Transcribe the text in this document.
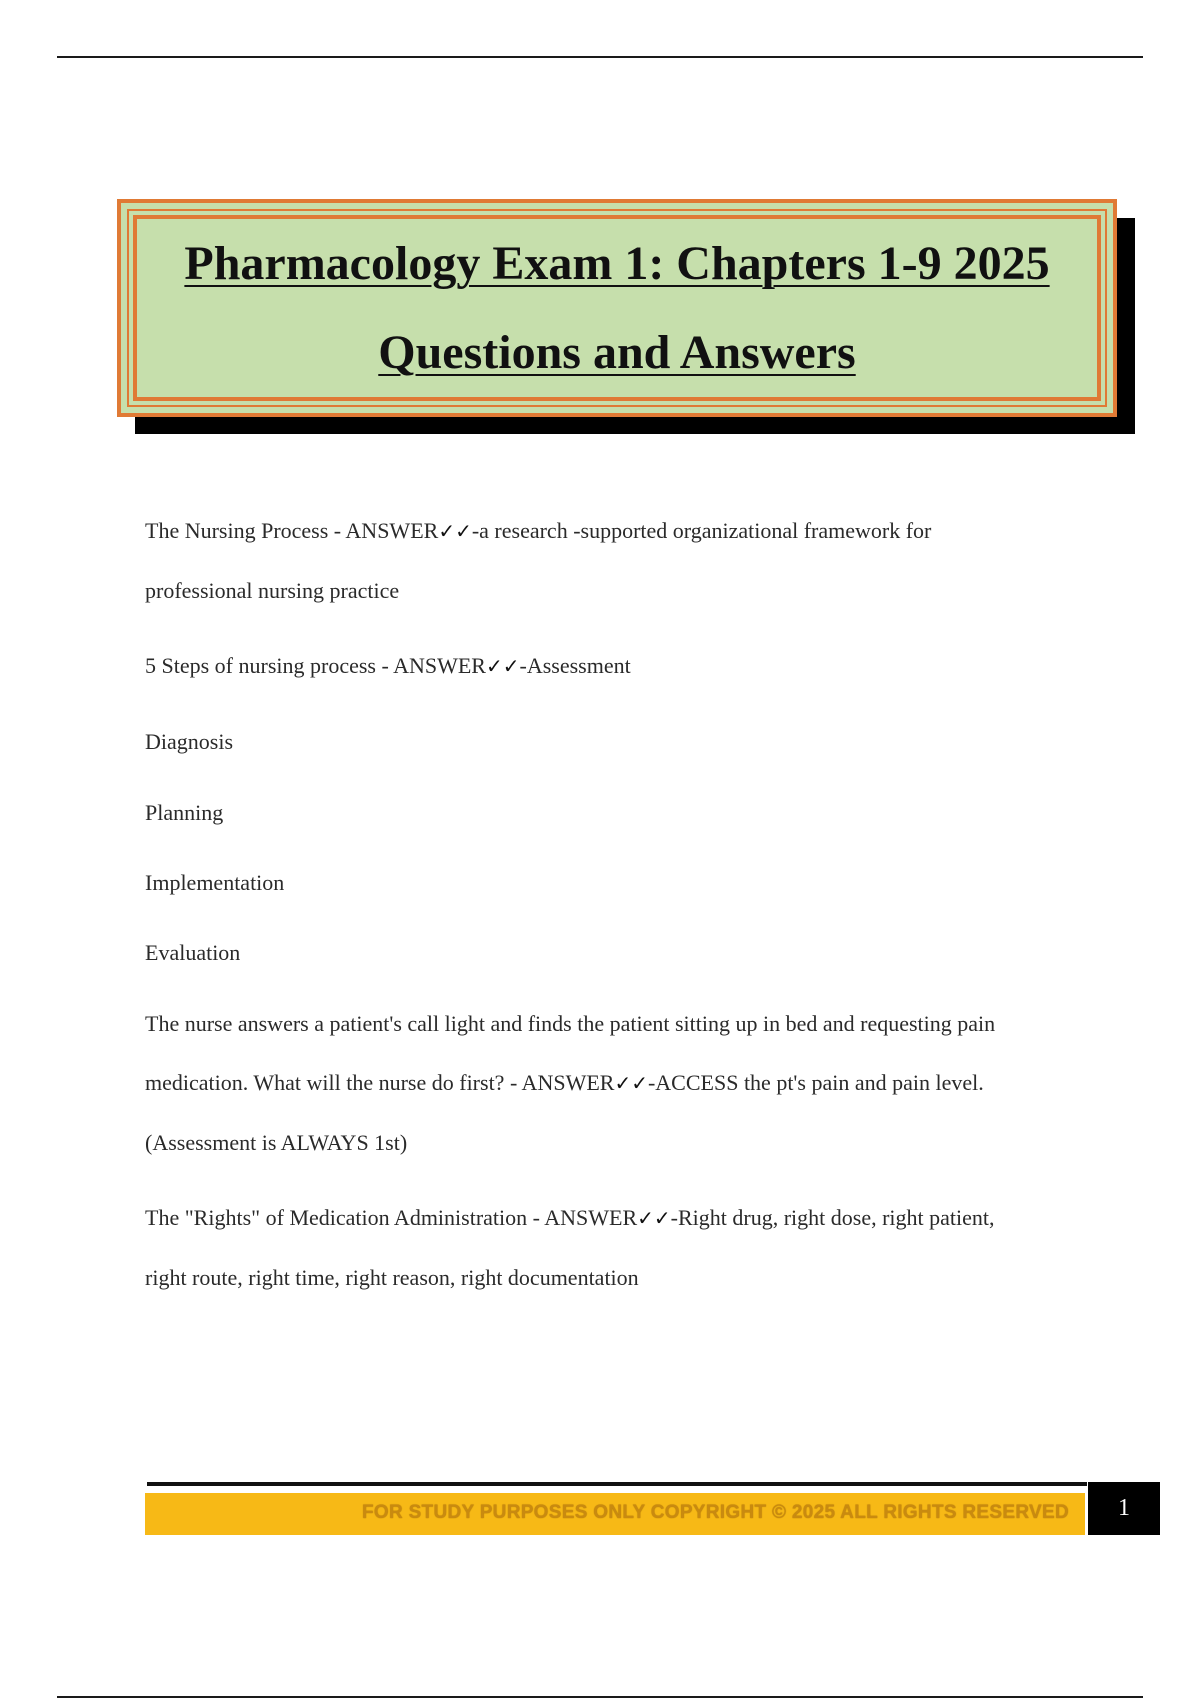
Pharmacology Exam 1: Chapters 1-9 2025
Questions and Answers
The Nursing Process - ANSWER✓✓-a research -supported organizational framework for
professional nursing practice
5 Steps of nursing process - ANSWER✓✓-Assessment
Diagnosis
Planning
Implementation
Evaluation
The nurse answers a patient's call light and finds the patient sitting up in bed and requesting pain
medication. What will the nurse do first? - ANSWER✓✓-ACCESS the pt's pain and pain level.
(Assessment is ALWAYS 1st)
The "Rights" of Medication Administration - ANSWER✓✓-Right drug, right dose, right patient,
right route, right time, right reason, right documentation
FOR STUDY PURPOSES ONLY COPYRIGHT © 2025 ALL RIGHTS RESERVED	1
